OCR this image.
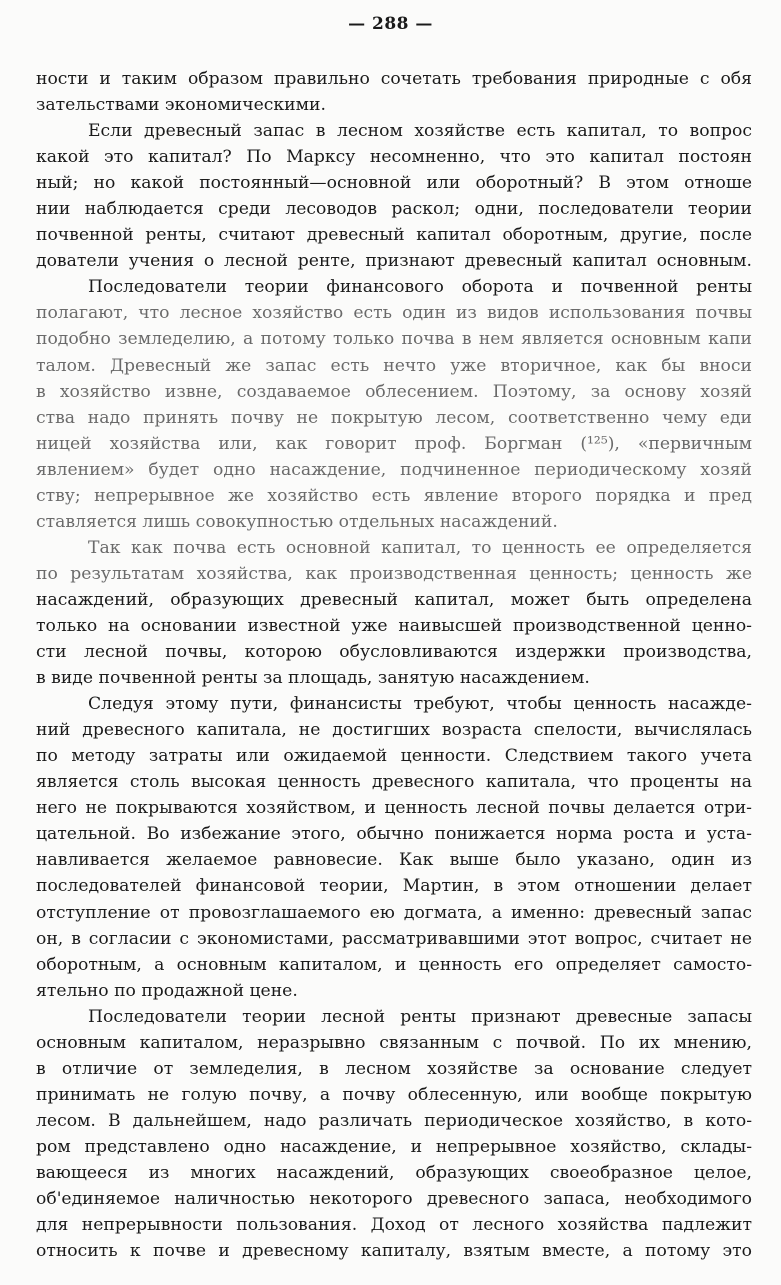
— 288 —
ности и таким образом правильно сочетать требования природные с обя
зательствами экономическими.
Если древесный запас в лесном хозяйстве есть капитал, то вопрос
какой это капитал? По Марксу несомненно, что это капитал постоян
ный; но какой постоянный—основной или оборотный? В этом отноше
нии наблюдается среди лесоводов раскол; одни, последователи теории
почвенной ренты, считают древесный капитал оборотным, другие, после
дователи учения о лесной ренте, признают древесный капитал основным.
Последователи теории финансового оборота и почвенной ренты
полагают, что лесное хозяйство есть один из видов использования почвы
подобно земледелию, а потому только почва в нем является основным капи
талом. Древесный же запас есть нечто уже вторичное, как бы вноси
в хозяйство извне, создаваемое облесением. Поэтому, за основу хозяй
ства надо принять почву не покрытую лесом, соответственно чему еди
ницей хозяйства или, как говорит проф. Боргман (¹²⁵), «первичным
явлением» будет одно насаждение, подчиненное периодическому хозяй
ству; непрерывное же хозяйство есть явление второго порядка и пред
ставляется лишь совокупностью отдельных насаждений.
Так как почва есть основной капитал, то ценность ее определяется
по результатам хозяйства, как производственная ценность; ценность же
насаждений, образующих древесный капитал, может быть определена
только на основании известной уже наивысшей производственной ценно-
сти лесной почвы, которою обусловливаются издержки производства,
в виде почвенной ренты за площадь, занятую насаждением.
Следуя этому пути, финансисты требуют, чтобы ценность насажде-
ний древесного капитала, не достигших возраста спелости, вычислялась
по методу затраты или ожидаемой ценности. Следствием такого учета
является столь высокая ценность древесного капитала, что проценты на
него не покрываются хозяйством, и ценность лесной почвы делается отри-
цательной. Во избежание этого, обычно понижается норма роста и уста-
навливается желаемое равновесие. Как выше было указано, один из
последователей финансовой теории, Мартин, в этом отношении делает
отступление от провозглашаемого ею догмата, а именно: древесный запас
он, в согласии с экономистами, рассматривавшими этот вопрос, считает не
оборотным, а основным капиталом, и ценность его определяет самосто-
ятельно по продажной цене.
Последователи теории лесной ренты признают древесные запасы
основным капиталом, неразрывно связанным с почвой. По их мнению,
в отличие от земледелия, в лесном хозяйстве за основание следует
принимать не голую почву, а почву облесенную, или вообще покрытую
лесом. В дальнейшем, надо различать периодическое хозяйство, в кото-
ром представлено одно насаждение, и непрерывное хозяйство, склады-
вающееся из многих насаждений, образующих своеобразное целое,
об'единяемое наличностью некоторого древесного запаса, необходимого
для непрерывности пользования. Доход от лесного хозяйства падлежит
относить к почве и древесному капиталу, взятым вместе, а потому это
